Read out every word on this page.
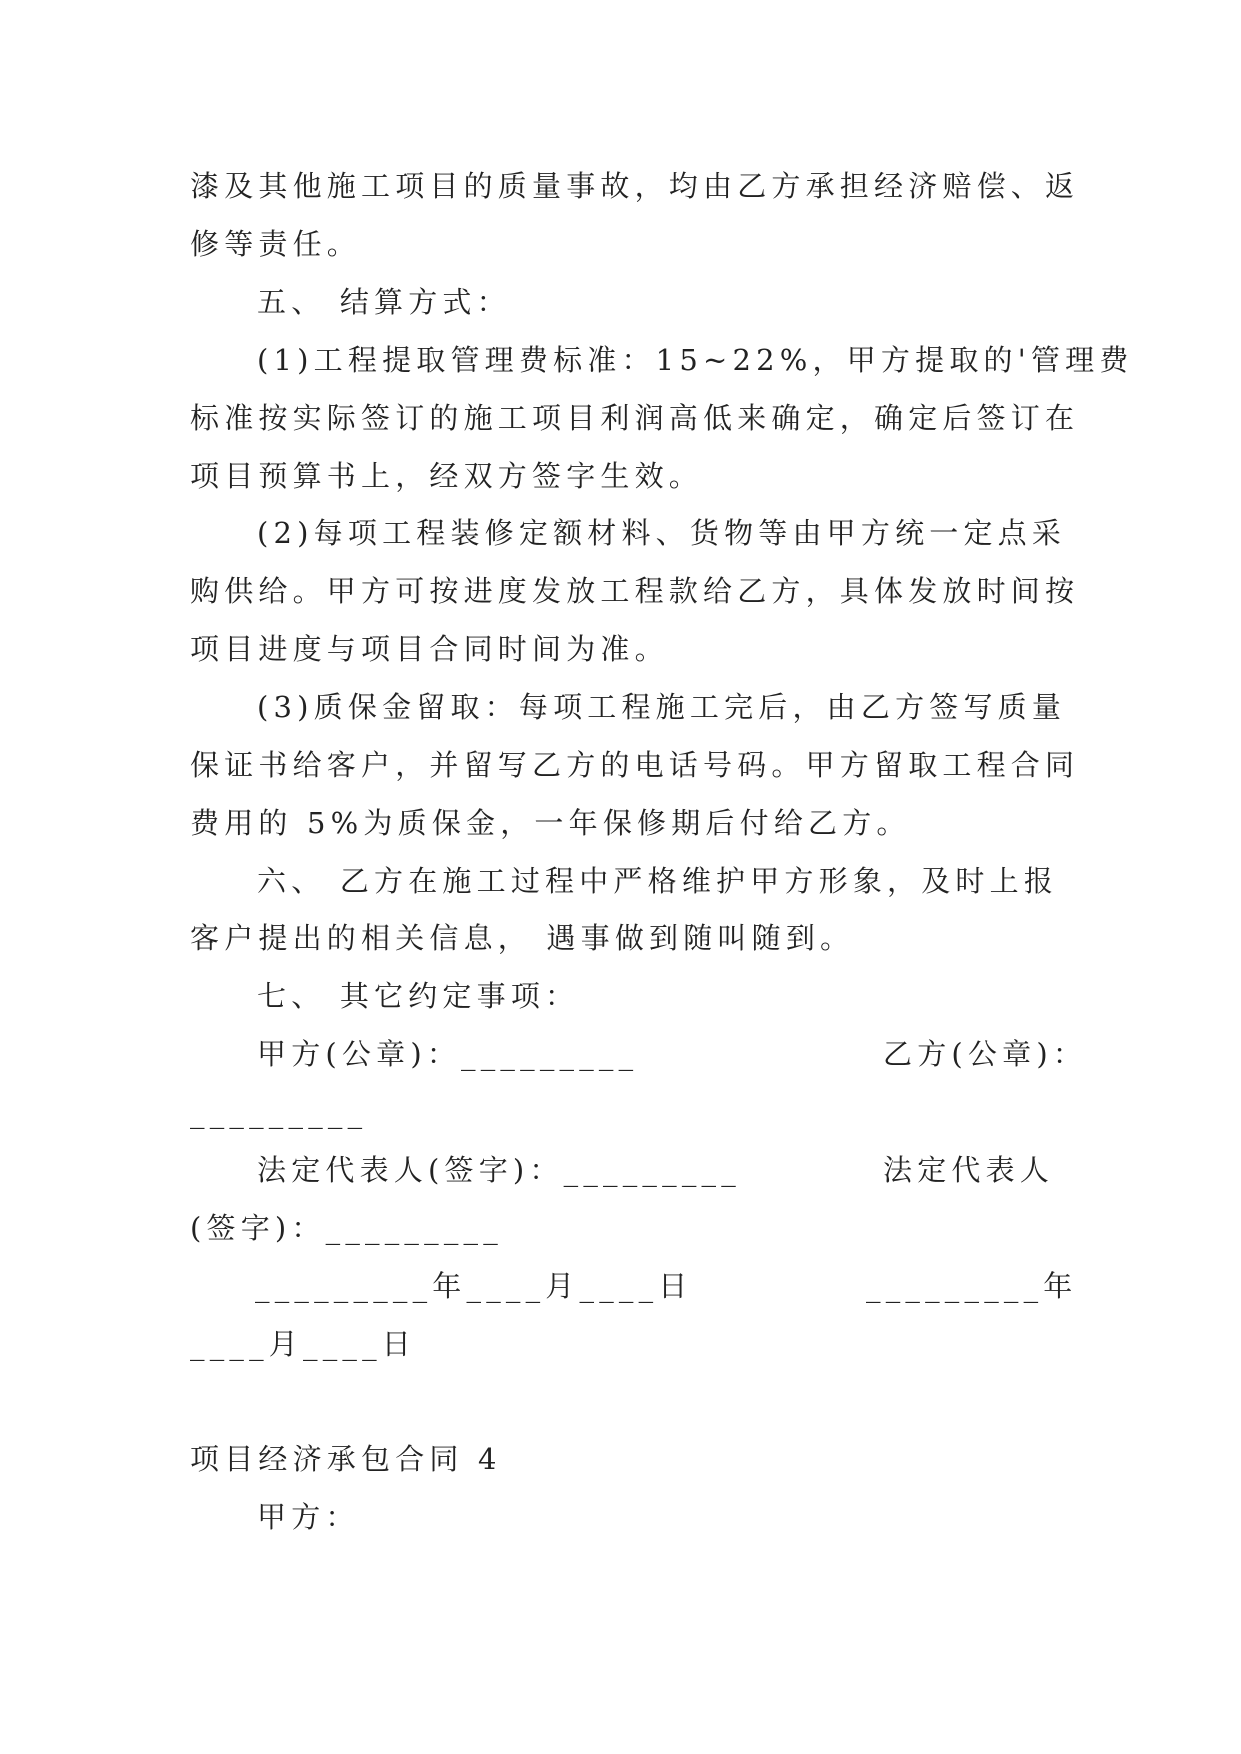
漆及其他施工项目的质量事故，均由乙方承担经济赔偿、返
修等责任。
五、 结算方式：
(1)工程提取管理费标准：15~22%，甲方提取的'管理费
标准按实际签订的施工项目利润高低来确定，确定后签订在
项目预算书上，经双方签字生效。
(2)每项工程装修定额材料、货物等由甲方统一定点采
购供给。甲方可按进度发放工程款给乙方，具体发放时间按
项目进度与项目合同时间为准。
(3)质保金留取：每项工程施工完后，由乙方签写质量
保证书给客户，并留写乙方的电话号码。甲方留取工程合同
费用的 5%为质保金，一年保修期后付给乙方。
六、 乙方在施工过程中严格维护甲方形象，及时上报
客户提出的相关信息， 遇事做到随叫随到。
七、 其它约定事项：
甲方(公章)：_________	乙方(公章)：
_________
法定代表人(签字)：_________	法定代表人
(签字)：_________
_________年____月____日	_________年
____月____日
项目经济承包合同 4
甲方：
